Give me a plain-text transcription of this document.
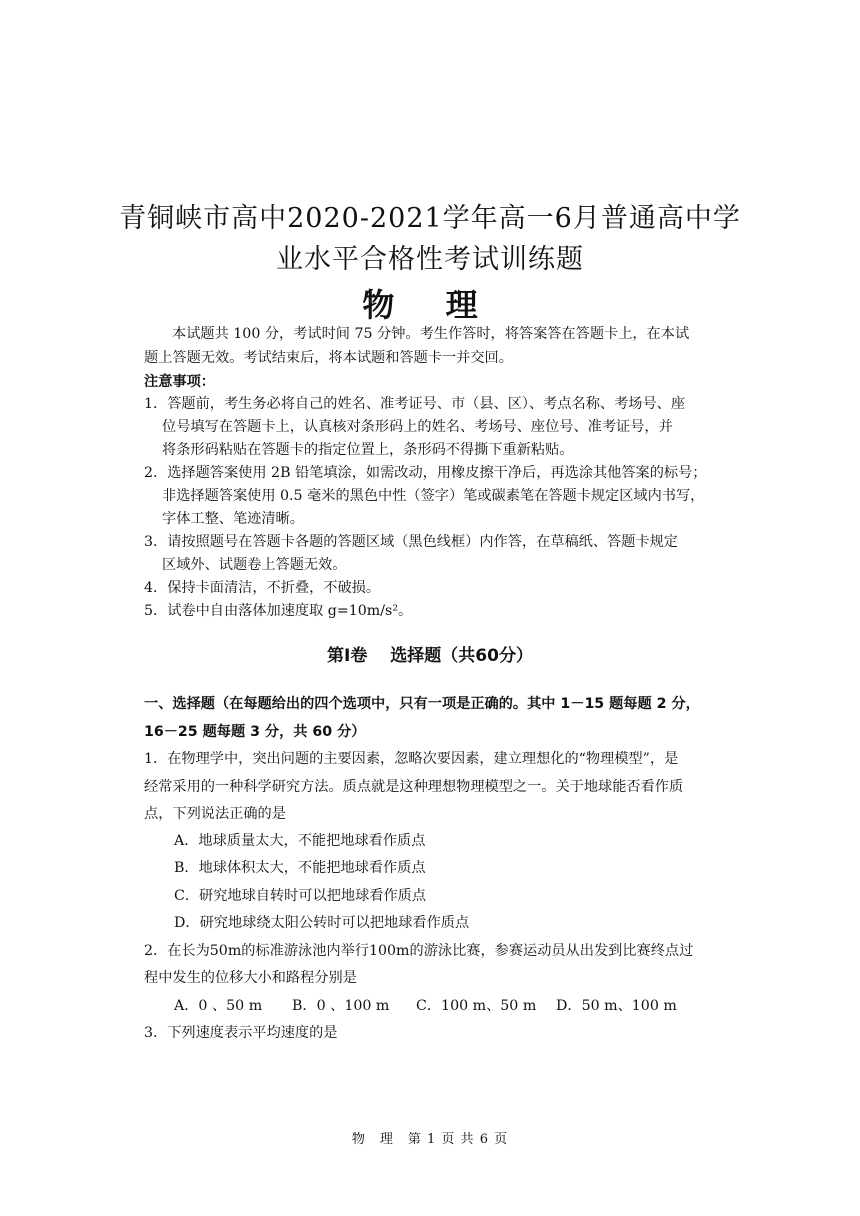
青铜峡市高中2020-2021学年高一6月普通高中学
业水平合格性考试训练题
物 理
本试题共 100 分，考试时间 75 分钟。考生作答时，将答案答在答题卡上，在本试
题上答题无效。考试结束后，将本试题和答题卡一并交回。
注意事项：
1．答题前，考生务必将自己的姓名、准考证号、市（县、区）、考点名称、考场号、座
位号填写在答题卡上，认真核对条形码上的姓名、考场号、座位号、准考证号，并
将条形码粘贴在答题卡的指定位置上，条形码不得撕下重新粘贴。
2．选择题答案使用 2B 铅笔填涂，如需改动，用橡皮擦干净后，再选涂其他答案的标号；
非选择题答案使用 0.5 毫米的黑色中性（签字）笔或碳素笔在答题卡规定区域内书写，
字体工整、笔迹清晰。
3．请按照题号在答题卡各题的答题区域（黑色线框）内作答，在草稿纸、答题卡规定
区域外、试题卷上答题无效。
4．保持卡面清洁，不折叠，不破损。
5．试卷中自由落体加速度取 g=10m/s²。
第Ⅰ卷　 选择题（共60分）
一、选择题（在每题给出的四个选项中，只有一项是正确的。其中 1－15 题每题 2 分，
16－25 题每题 3 分，共 60 分）
1．在物理学中，突出问题的主要因素，忽略次要因素，建立理想化的“物理模型”，是
经常采用的一种科学研究方法。质点就是这种理想物理模型之一。关于地球能否看作质
点，下列说法正确的是
A．地球质量太大，不能把地球看作质点
B．地球体积太大，不能把地球看作质点
C．研究地球自转时可以把地球看作质点
D．研究地球绕太阳公转时可以把地球看作质点
2．在长为50m的标准游泳池内举行100m的游泳比赛，参赛运动员从出发到比赛终点过
程中发生的位移大小和路程分别是
A．0 、50 m B．0 、100 m C．100 m、50 m D．50 m、100 m
3．下列速度表示平均速度的是
物　理　第 1 页 共 6 页
